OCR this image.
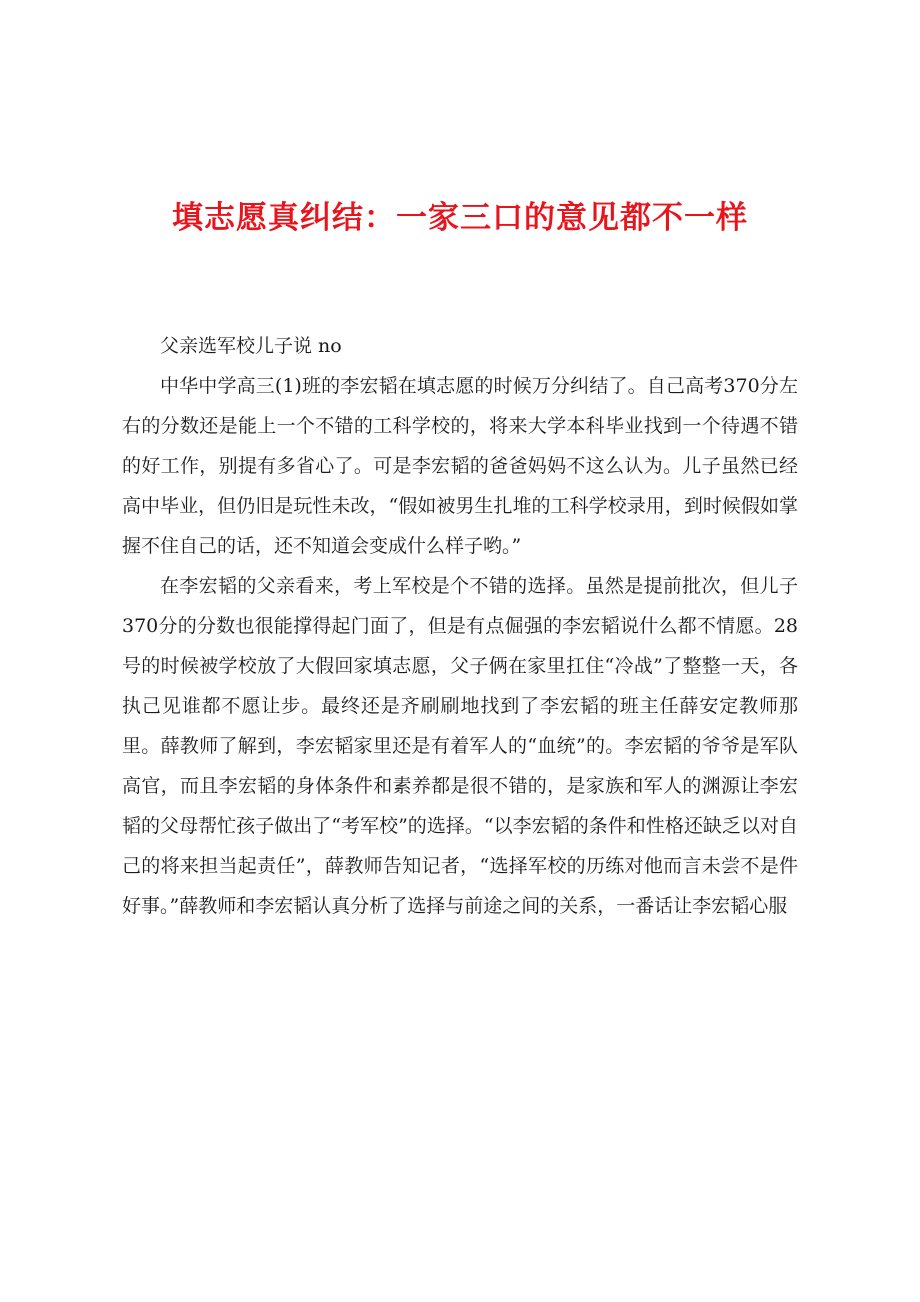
填志愿真纠结：一家三口的意见都不一样

父亲选军校儿子说 no

中华中学高三(1)班的李宏韬在填志愿的时候万分纠结了。自己高考370分左右的分数还是能上一个不错的工科学校的，将来大学本科毕业找到一个待遇不错的好工作，别提有多省心了。可是李宏韬的爸爸妈妈不这么认为。儿子虽然已经高中毕业，但仍旧是玩性未改，“假如被男生扎堆的工科学校录用，到时候假如掌握不住自己的话，还不知道会变成什么样子哟。”

在李宏韬的父亲看来，考上军校是个不错的选择。虽然是提前批次，但儿子370分的分数也很能撑得起门面了，但是有点倔强的李宏韬说什么都不情愿。28号的时候被学校放了大假回家填志愿，父子俩在家里扛住“冷战”了整整一天，各执己见谁都不愿让步。最终还是齐刷刷地找到了李宏韬的班主任薛安定教师那里。薛教师了解到，李宏韬家里还是有着军人的“血统”的。李宏韬的爷爷是军队高官，而且李宏韬的身体条件和素养都是很不错的，是家族和军人的渊源让李宏韬的父母帮忙孩子做出了“考军校”的选择。“以李宏韬的条件和性格还缺乏以对自己的将来担当起责任”，薛教师告知记者，“选择军校的历练对他而言未尝不是件好事。”薛教师和李宏韬认真分析了选择与前途之间的关系，一番话让李宏韬心服
